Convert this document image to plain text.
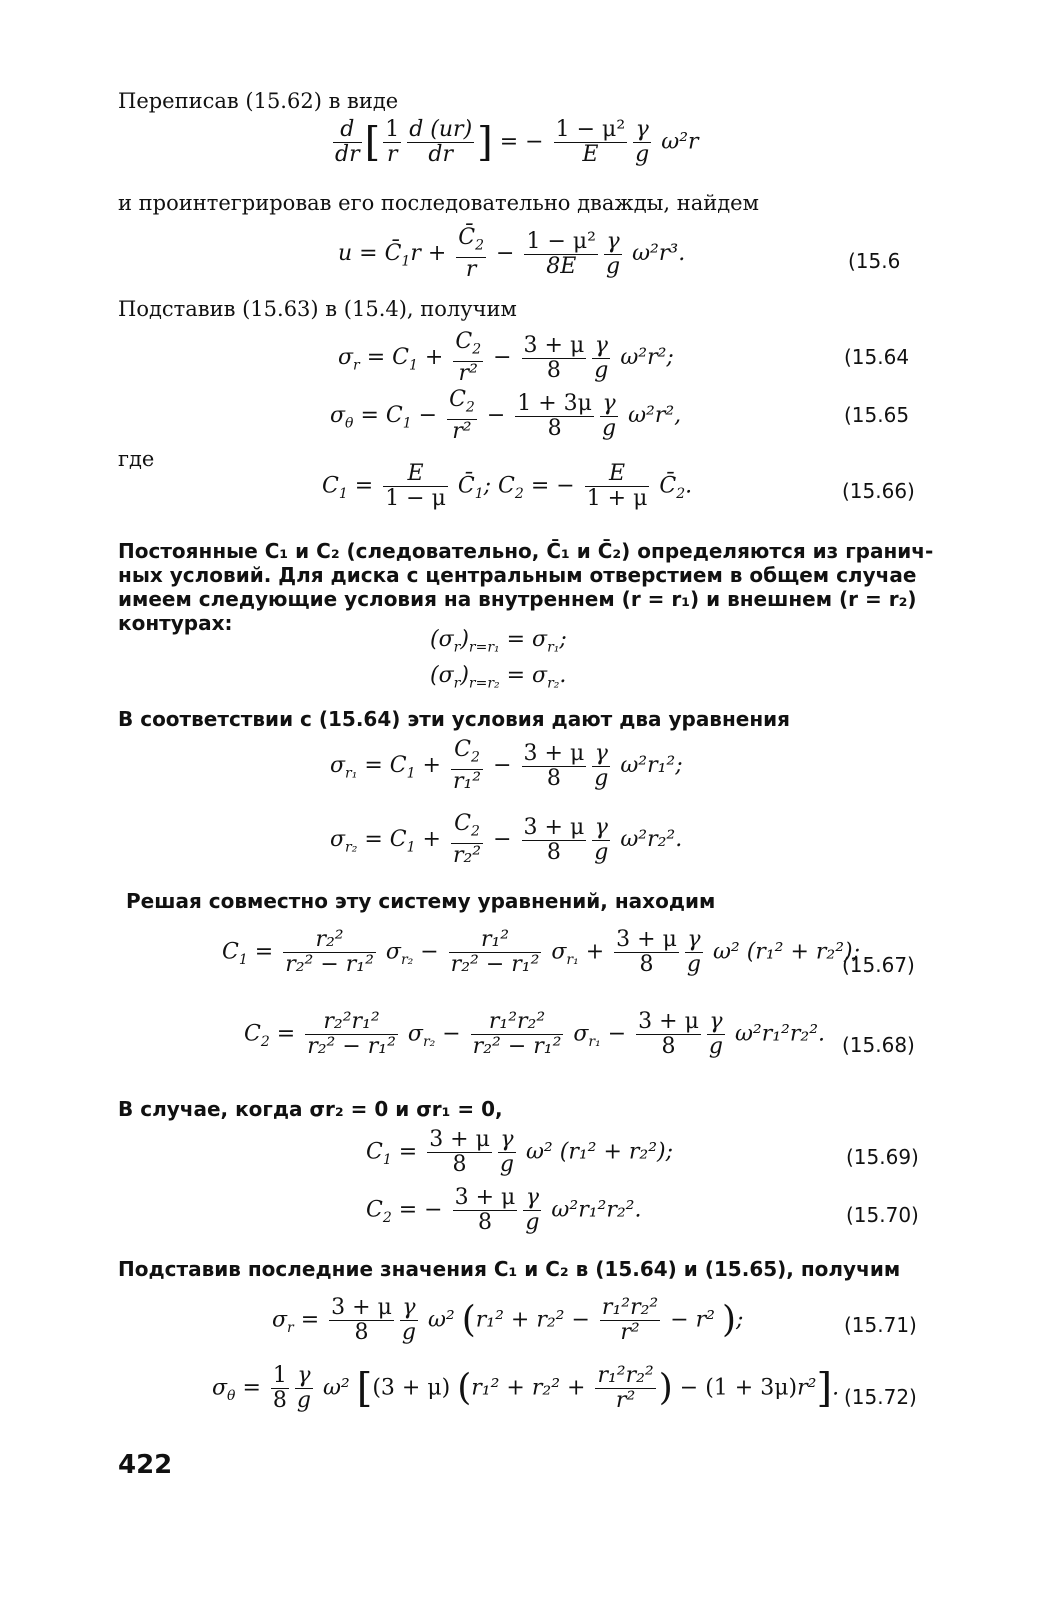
Переписав (15.62) в виде
$\frac{d}{dr}$ [ $\frac{1}{r} \frac{d (ur)}{dr}$ ] = − $\frac{\text{1 − μ²}}{E} \frac{\gamma}{g} \omega^2r$
и проинтегрировав его последовательно дважды, найдем
$u = C̄_1r + \frac{C̄_2}{r} - \frac{\text{1 − μ²}}{8E} \frac{\gamma}{g} \omega^2r^3$.	(15.6
Подставив (15.63) в (15.4), получим
$\sigma_r = C_1 + \frac{C_2}{\text{r²}} - \frac{3 + \mu}{8} \frac{\gamma}{g} \omega^2r^2$;	(15.64
$\sigma_\theta = C_1 - \frac{C_2}{\text{r²}} - \frac{1 + 3\mu}{8} \frac{\gamma}{g} \omega^2r^2$,	(15.65
где
$C_1 = \frac{E}{1 - \mu}$ $C̄_1$; $C_2$ = − $\frac{E}{1 + \mu}$ $C̄_2$.	(15.66)
Постоянные C₁ и C₂ (следовательно, C̄₁ и C̄₂) определяются из гранич-
ных условий. Для диска с центральным отверстием в общем случае
имеем следующие условия на внутреннем (r = r₁) и внешнем (r = r₂)
контурах:
$(\sigma_r)_{r=r_1} = \sigma_{r_1}$;
$(\sigma_r)_{r=r_2} = \sigma_{r_2}$.
В соответствии с (15.64) эти условия дают два уравнения
$\sigma_{r_1} = C_1 + \frac{C_2}{\text{r₁²}} - \frac{3 + \mu}{8} \frac{\gamma}{g} \omega^2r_1^2$;
$\sigma_{r_2} = C_1 + \frac{C_2}{\text{r₂²}} - \frac{3 + \mu}{8} \frac{\gamma}{g} \omega^2r_2^2$.
Решая совместно эту систему уравнений, находим
$C_1 = \frac{\text{r₂²}}{\text{r₂² − r₁²}} \sigma_{r_2} - \frac{\text{r₁²}}{\text{r₂² − r₁²}} \sigma_{r_1} + \frac{3 + \mu}{8} \frac{\gamma}{g} \omega^2$ (r₁² + r₂²);
(15.67)
$C_2 = \frac{\text{r₂²r₁²}}{\text{r₂² − r₁²}} \sigma_{r_2} - \frac{\text{r₁²r₂²}}{\text{r₂² − r₁²}} \sigma_{r_1} - \frac{3 + \mu}{8} \frac{\gamma}{g} \omega^2r_1^2r_2^2$. (15.68)
В случае, когда σr₂ = 0 и σr₁ = 0,
$C_1 = \frac{3 + \mu}{8} \frac{\gamma}{g} \omega^2$ (r₁² + r₂²);	(15.69)
$C_2$ = − $\frac{3 + \mu}{8} \frac{\gamma}{g} \omega^2r_1^2r_2^2$.	(15.70)
Подставив последние значения C₁ и C₂ в (15.64) и (15.65), получим
$\sigma_r = \frac{3 + \mu}{8} \frac{\gamma}{g} \omega^2$ ($r_1^2 + r_2^2 - \frac{\text{r₁²r₂²}}{\text{r²}} - r^2$ );	(15.71)
$\sigma_\theta = \frac{1}{8} \frac{\gamma}{g} \omega^2$ [(3 + μ) ($r_1^2 + r_2^2 + \frac{\text{r₁²r₂²}}{\text{r²}}$ ) − (1 + 3μ)r²]. (15.72)
422
